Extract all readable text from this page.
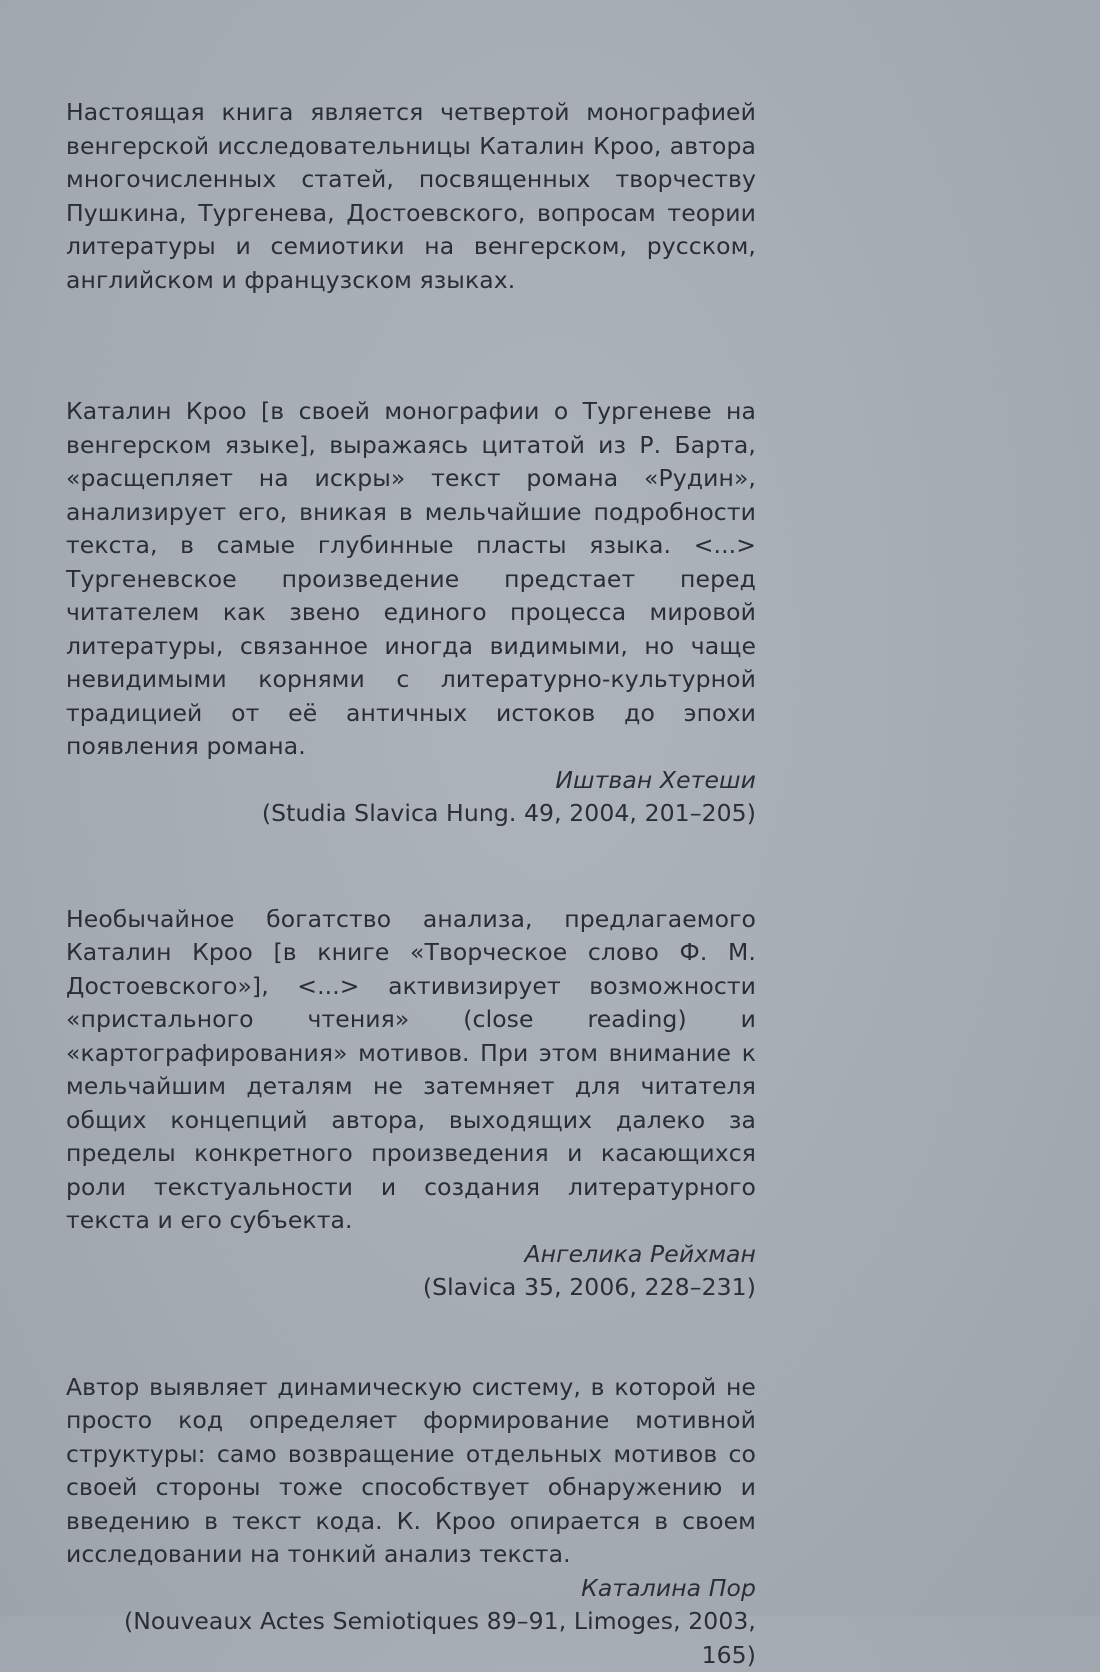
Настоящая книга является четвертой монографией венгерской исследовательницы Каталин Кроо, автора многочисленных статей, посвященных творчеству Пушкина, Тургенева, Достоевского, вопросам теории литературы и семиотики на венгерском, русском, английском и французском языках.

Каталин Кроо [в своей монографии о Тургеневе на венгерском языке], выражаясь цитатой из Р. Барта, «расщепляет на искры» текст романа «Рудин», анализирует его, вникая в мельчайшие подробности текста, в самые глубинные пласты языка. <...> Тургеневское произведение предстает перед читателем как звено единого процесса мировой литературы, связанное иногда видимыми, но чаще невидимыми корнями с литературно-культурной традицией от её античных истоков до эпохи появления романа.

Иштван Хетеши

(Studia Slavica Hung. 49, 2004, 201–205)

Необычайное богатство анализа, предлагаемого Каталин Кроо [в книге «Творческое слово Ф. М. Достоевского»], <...> активизирует возможности «пристального чтения» (close reading) и «картографирования» мотивов. При этом внимание к мельчайшим деталям не затемняет для читателя общих концепций автора, выходящих далеко за пределы конкретного произведения и касающихся роли текстуальности и создания литературного текста и его субъекта.

Ангелика Рейхман

(Slavica 35, 2006, 228–231)

Автор выявляет динамическую систему, в которой не просто код определяет формирование мотивной структуры: само возвращение отдельных мотивов со своей стороны тоже способствует обнаружению и введению в текст кода. К. Кроо опирается в своем исследовании на тонкий анализ текста.

Каталина Пор

(Nouveaux Actes Semiotiques 89–91, Limoges, 2003, 165)
